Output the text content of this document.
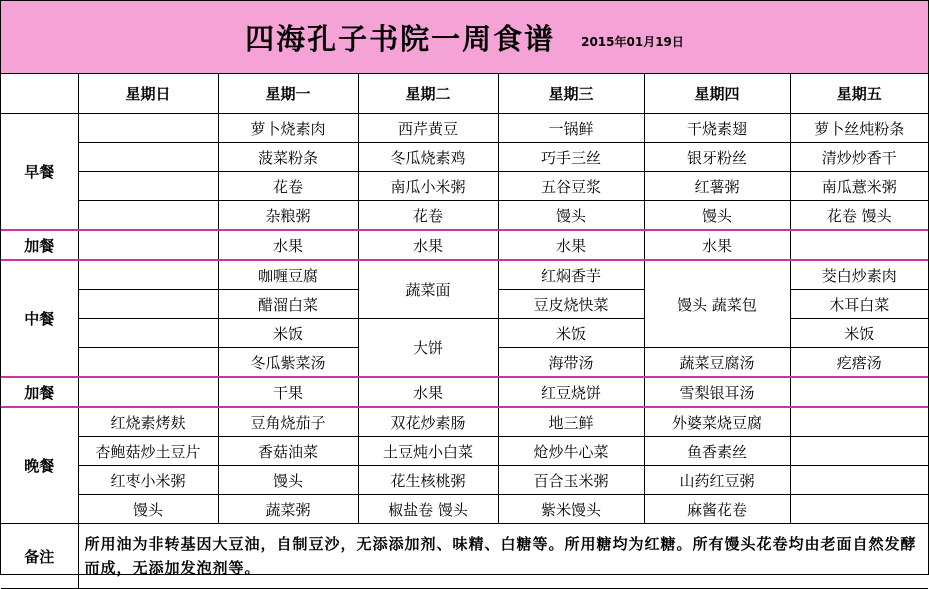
四海孔子书院一周食谱 2015年01月19日
	星期日	星期一	星期二	星期三	星期四	星期五
早餐		萝卜烧素肉	西芹黄豆	一锅鲜	干烧素翅	萝卜丝炖粉条
		菠菜粉条	冬瓜烧素鸡	巧手三丝	银牙粉丝	清炒炒香干
		花卷	南瓜小米粥	五谷豆浆	红薯粥	南瓜薏米粥
		杂粮粥	花卷	馒头	馒头	花卷 馒头
加餐		水果	水果	水果	水果	
中餐		咖喱豆腐	蔬菜面	红焖香芋	馒头 蔬菜包	茭白炒素肉
		醋溜白菜		豆皮烧快菜		木耳白菜
		米饭	大饼	米饭		米饭
		冬瓜紫菜汤		海带汤	蔬菜豆腐汤	疙瘩汤
加餐		干果	水果	红豆烧饼	雪梨银耳汤	
晚餐	红烧素烤麸	豆角烧茄子	双花炒素肠	地三鲜	外婆菜烧豆腐	
	杏鲍菇炒土豆片	香菇油菜	土豆炖小白菜	炝炒牛心菜	鱼香素丝	
	红枣小米粥	馒头	花生核桃粥	百合玉米粥	山药红豆粥	
	馒头	蔬菜粥	椒盐卷 馒头	紫米馒头	麻酱花卷	
备注	所用油为非转基因大豆油，自制豆沙，无添添加剂、味精、白糖等。所用糖均为红糖。所有馒头花卷均由老面自然发酵而成，无添加发泡剂等。					
